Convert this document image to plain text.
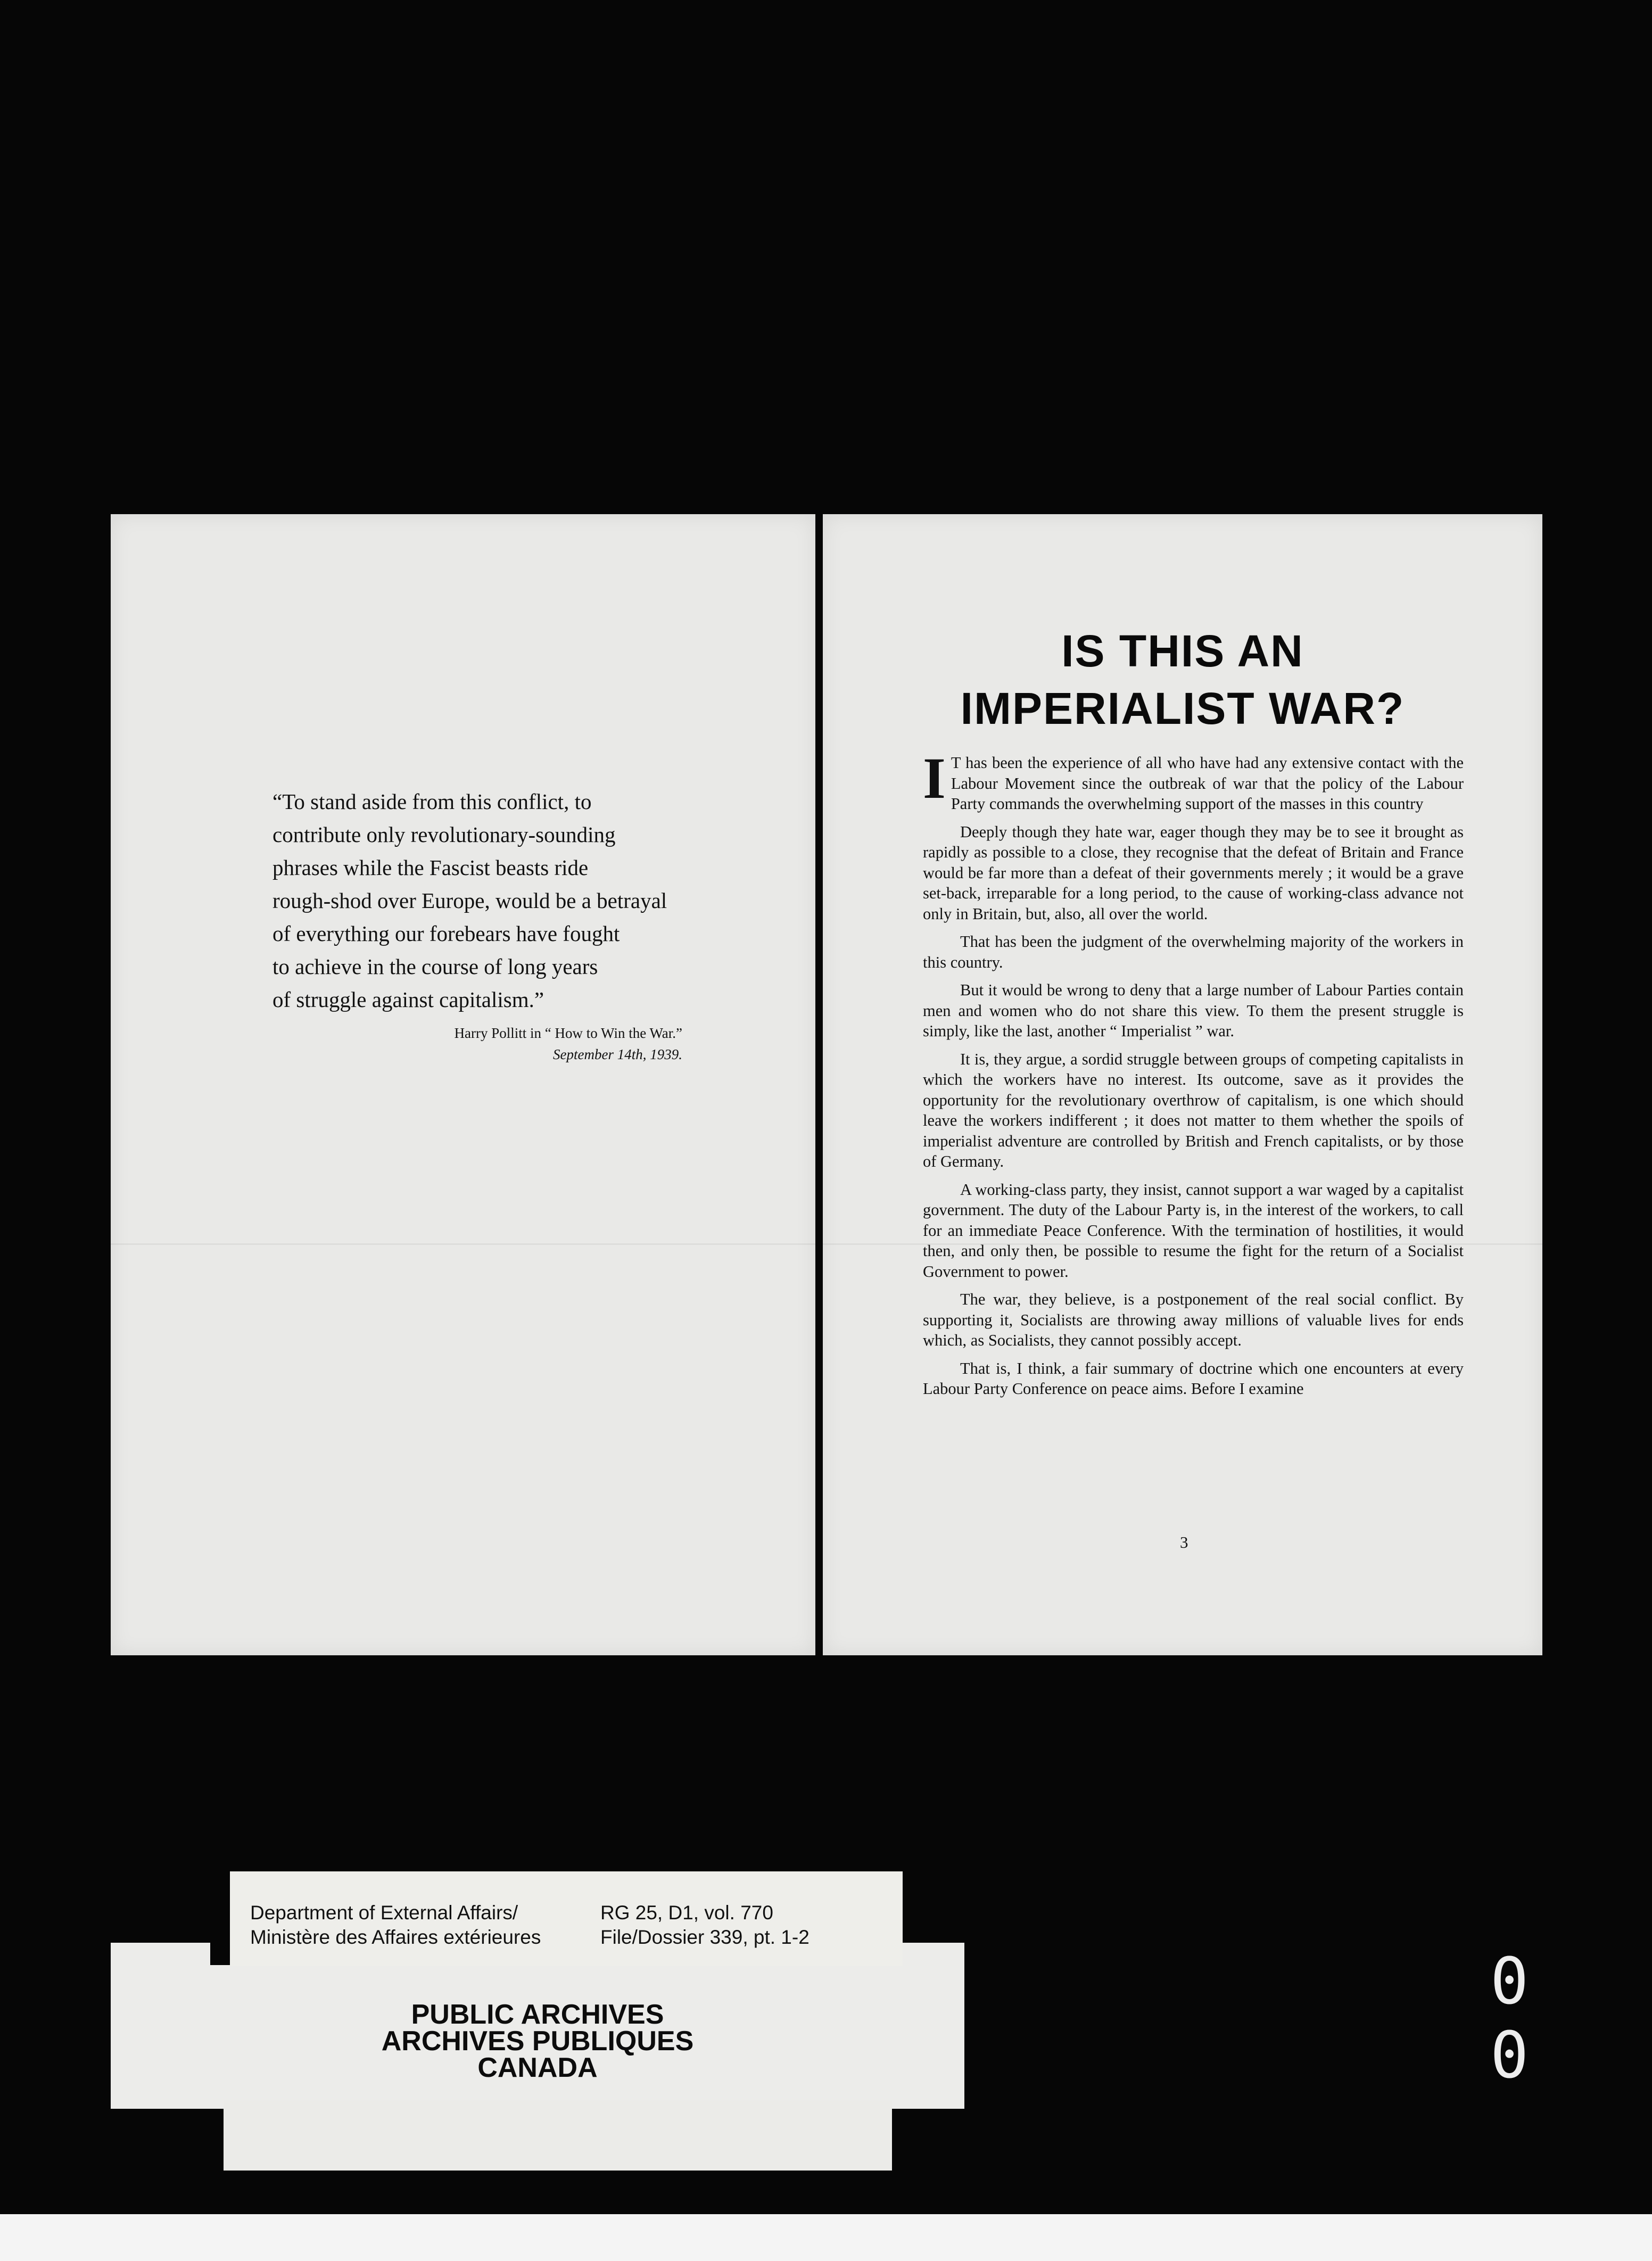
“To stand aside from this conflict, to

contribute only revolutionary-sounding

phrases while the Fascist beasts ride

rough-shod over Europe, would be a betrayal

of everything our forebears have fought

to achieve in the course of long years

of struggle against capitalism.”

Harry Pollitt in “ How to Win the War.”
September 14th, 1939.
IS THIS AN
IMPERIALIST WAR?

I T has been the experience of all who have had any extensive contact with the Labour Movement since the outbreak of war that the policy of the Labour Party commands the overwhelming support of the masses in this country

Deeply though they hate war, eager though they may be to see it brought as rapidly as possible to a close, they recognise that the defeat of Britain and France would be far more than a defeat of their governments merely ; it would be a grave set-back, irreparable for a long period, to the cause of working-class advance not only in Britain, but, also, all over the world.

That has been the judgment of the overwhelming majority of the workers in this country.

But it would be wrong to deny that a large number of Labour Parties contain men and women who do not share this view. To them the present struggle is simply, like the last, another “ Imperialist ” war.

It is, they argue, a sordid struggle between groups of competing capitalists in which the workers have no interest. Its outcome, save as it provides the opportunity for the revolutionary overthrow of capitalism, is one which should leave the workers indifferent ; it does not matter to them whether the spoils of imperialist adventure are controlled by British and French capitalists, or by those of Germany.

A working-class party, they insist, cannot support a war waged by a capitalist government. The duty of the Labour Party is, in the interest of the workers, to call for an immediate Peace Conference. With the termination of hostilities, it would then, and only then, be possible to resume the fight for the return of a Socialist Government to power.

The war, they believe, is a postponement of the real social conflict. By supporting it, Socialists are throwing away millions of valuable lives for ends which, as Socialists, they cannot possibly accept.

That is, I think, a fair summary of doctrine which one encounters at every Labour Party Conference on peace aims. Before I examine

3
Department of External Affairs/
Ministère des Affaires extérieures
RG 25, D1, vol. 770
File/Dossier 339, pt. 1-2
PUBLIC ARCHIVES
ARCHIVES PUBLIQUES
CANADA
0 0
